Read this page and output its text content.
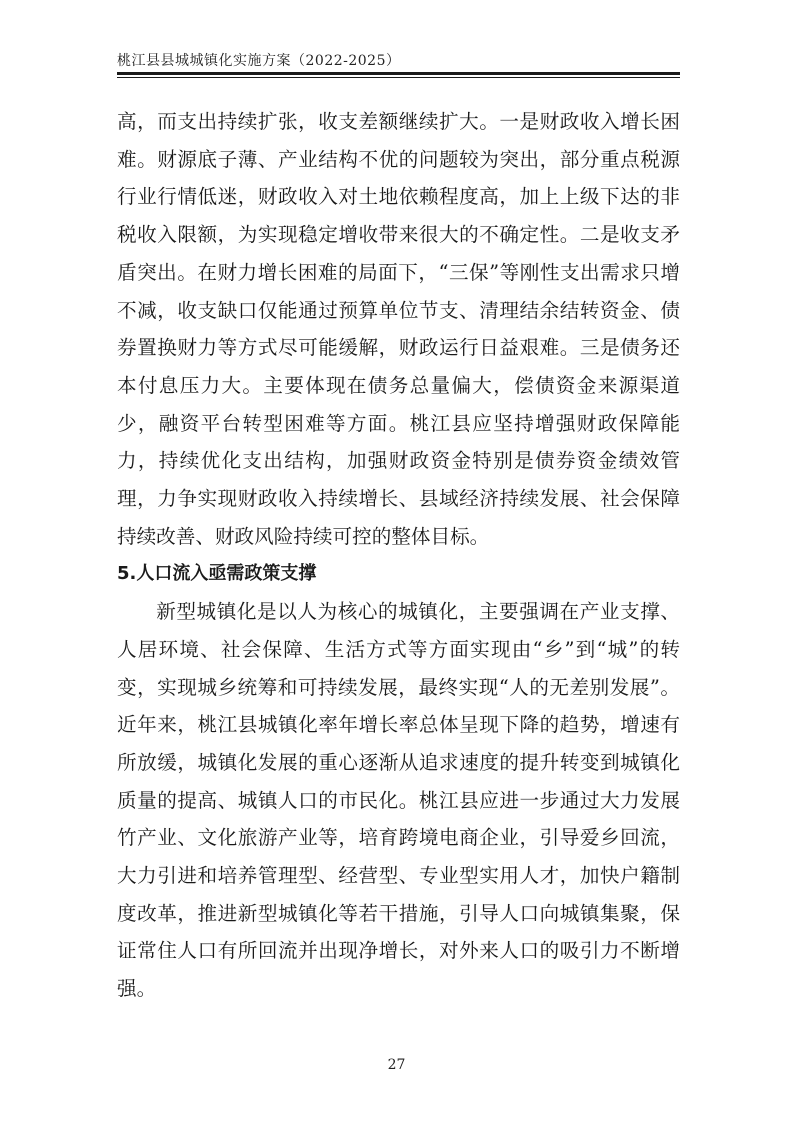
桃江县县城城镇化实施方案（2022-2025）

高，而支出持续扩张，收支差额继续扩大。一是财政收入增长困难。财源底子薄、产业结构不优的问题较为突出，部分重点税源行业行情低迷，财政收入对土地依赖程度高，加上上级下达的非税收入限额，为实现稳定增收带来很大的不确定性。二是收支矛盾突出。在财力增长困难的局面下，“三保”等刚性支出需求只增不减，收支缺口仅能通过预算单位节支、清理结余结转资金、债券置换财力等方式尽可能缓解，财政运行日益艰难。三是债务还本付息压力大。主要体现在债务总量偏大，偿债资金来源渠道少，融资平台转型困难等方面。桃江县应坚持增强财政保障能力，持续优化支出结构，加强财政资金特别是债券资金绩效管理，力争实现财政收入持续增长、县域经济持续发展、社会保障持续改善、财政风险持续可控的整体目标。

5.人口流入亟需政策支撑

新型城镇化是以人为核心的城镇化，主要强调在产业支撑、人居环境、社会保障、生活方式等方面实现由“乡”到“城”的转变，实现城乡统筹和可持续发展，最终实现“人的无差别发展”。近年来，桃江县城镇化率年增长率总体呈现下降的趋势，增速有所放缓，城镇化发展的重心逐渐从追求速度的提升转变到城镇化质量的提高、城镇人口的市民化。桃江县应进一步通过大力发展竹产业、文化旅游产业等，培育跨境电商企业，引导爱乡回流，大力引进和培养管理型、经营型、专业型实用人才，加快户籍制度改革，推进新型城镇化等若干措施，引导人口向城镇集聚，保证常住人口有所回流并出现净增长，对外来人口的吸引力不断增强。

27
